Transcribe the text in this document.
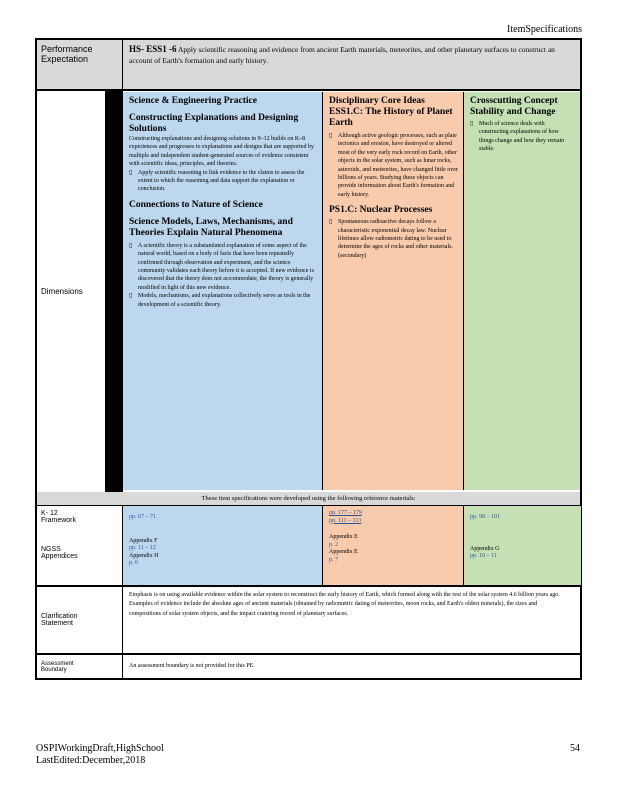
ItemSpecifications
Performance Expectation
HS- ESS1 -6 Apply scientific reasoning and evidence from ancient Earth materials, meteorites, and other planetary surfaces to construct an account of Earth's formation and early history.
Dimensions
Science & Engineering Practice
Constructing Explanations and Designing Solutions
Constructing explanations and designing solutions in 9–12 builds on K–8 experiences and progresses to explanations and designs that are supported by multiple and independent student-generated sources of evidence consistent with scientific ideas, principles, and theories.
▯ Apply scientific reasoning to link evidence to the claims to assess the extent to which the reasoning and data support the explanation or conclusion.
Connections to Nature of Science
Science Models, Laws, Mechanisms, and Theories Explain Natural Phenomena
▯ A scientific theory is a substantiated explanation of some aspect of the natural world, based on a body of facts that have been repeatedly confirmed through observation and experiment, and the science community validates each theory before it is accepted. If new evidence is discovered that the theory does not accommodate, the theory is generally modified in light of this new evidence.
▯ Models, mechanisms, and explanations collectively serve as tools in the development of a scientific theory.
Disciplinary Core Ideas
ESS1.C: The History of Planet Earth
▯ Although active geologic processes, such as plate tectonics and erosion, have destroyed or altered most of the very early rock record on Earth, other objects in the solar system, such as lunar rocks, asteroids, and meteorites, have changed little over billions of years. Studying these objects can provide information about Earth's formation and early history.
PS1.C: Nuclear Processes
▯ Spontaneous radioactive decays follow a characteristic exponential decay law. Nuclear lifetimes allow radiometric dating to be used to determine the ages of rocks and other materials. (secondary)
Crosscutting Concept
Stability and Change
▯ Much of science deals with constructing explanations of how things change and how they remain stable.
These item specifications were developed using the following reference materials:
K- 12 Framework
NGSS Appendices
pp. 67 – 71
Appendix F
pp. 11 – 12
Appendix H
p. 6
pp. 177 – 179
pp. 111 – 113
Appendix E
p. 2
Appendix E
p. 7
pp. 98 – 101
Appendix G
pp. 10 – 11
Clarification Statement
Emphasis is on using available evidence within the solar system to reconstruct the early history of Earth, which formed along with the rest of the solar system 4.6 billion years ago. Examples of evidence include the absolute ages of ancient materials (obtained by radiometric dating of meteorites, moon rocks, and Earth's oldest minerals), the sizes and compositions of solar system objects, and the impact cratering record of planetary surfaces.
Assessment Boundary
An assessment boundary is not provided for this PE.
OSPIWorkingDraft,HighSchool
LastEdited:December,2018
54
